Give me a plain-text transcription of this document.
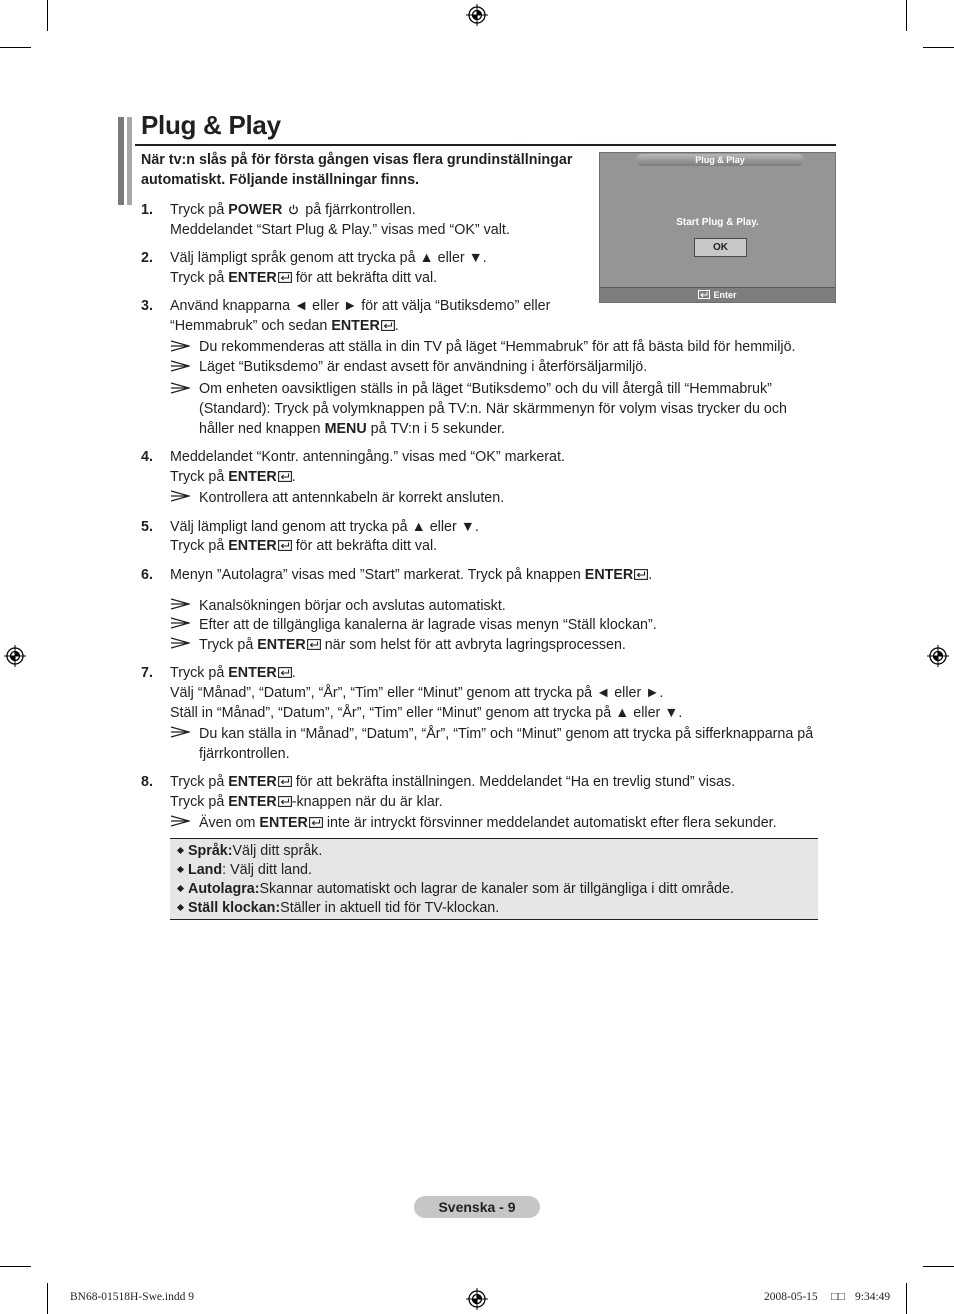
Plug & Play
När tv:n slås på för första gången visas flera grundinställningar
automatiskt. Följande inställningar finns.
Plug & Play
Start Plug & Play.
OK
Enter
1. Tryck på POWER  på fjärrkontrollen.
Meddelandet “Start Plug & Play.” visas med “OK” valt.
2. Välj lämpligt språk genom att trycka på ▲ eller ▼.
Tryck på ENTER för att bekräfta ditt val.
3. Använd knapparna ◄ eller ► för att välja “Butiksdemo” eller
“Hemmabruk” och sedan ENTER .
Du rekommenderas att ställa in din TV på läget “Hemmabruk” för att få bästa bild för hemmiljö.
Läget “Butiksdemo” är endast avsett för användning i återförsäljarmiljö.
Om enheten oavsiktligen ställs in på läget “Butiksdemo” och du vill återgå till “Hemmabruk”
(Standard): Tryck på volymknappen på TV:n. När skärmmenyn för volym visas trycker du och
håller ned knappen MENU på TV:n i 5 sekunder.
4. Meddelandet “Kontr. antenningång.” visas med “OK” markerat.
Tryck på ENTER .
Kontrollera att antennkabeln är korrekt ansluten.
5. Välj lämpligt land genom att trycka på ▲ eller ▼.
Tryck på ENTER för att bekräfta ditt val.
6. Menyn ”Autolagra” visas med ”Start” markerat. Tryck på knappen ENTER .
Kanalsökningen börjar och avslutas automatiskt.
Efter att de tillgängliga kanalerna är lagrade visas menyn “Ställ klockan”.
Tryck på ENTER när som helst för att avbryta lagringsprocessen.
7. Tryck på ENTER .
Välj “Månad”, “Datum”, “År”, “Tim” eller “Minut” genom att trycka på ◄ eller ►.
Ställ in “Månad”, “Datum”, “År”, “Tim” eller “Minut” genom att trycka på ▲ eller ▼.
Du kan ställa in “Månad”, “Datum”, “År”, “Tim” och “Minut” genom att trycka på sifferknapparna på
fjärrkontrollen.
8. Tryck på ENTER för att bekräfta inställningen. Meddelandet “Ha en trevlig stund” visas.
Tryck på ENTER -knappen när du är klar.
Även om ENTER inte är intryckt försvinner meddelandet automatiskt efter flera sekunder.
Språk:Välj ditt språk.
Land: Välj ditt land.
Autolagra:Skannar automatiskt och lagrar de kanaler som är tillgängliga i ditt område.
Ställ klockan:Ställer in aktuell tid för TV-klockan.
Svenska - 9
BN68-01518H-Swe.indd 9	2008-05-15 □□ 9:34:49
